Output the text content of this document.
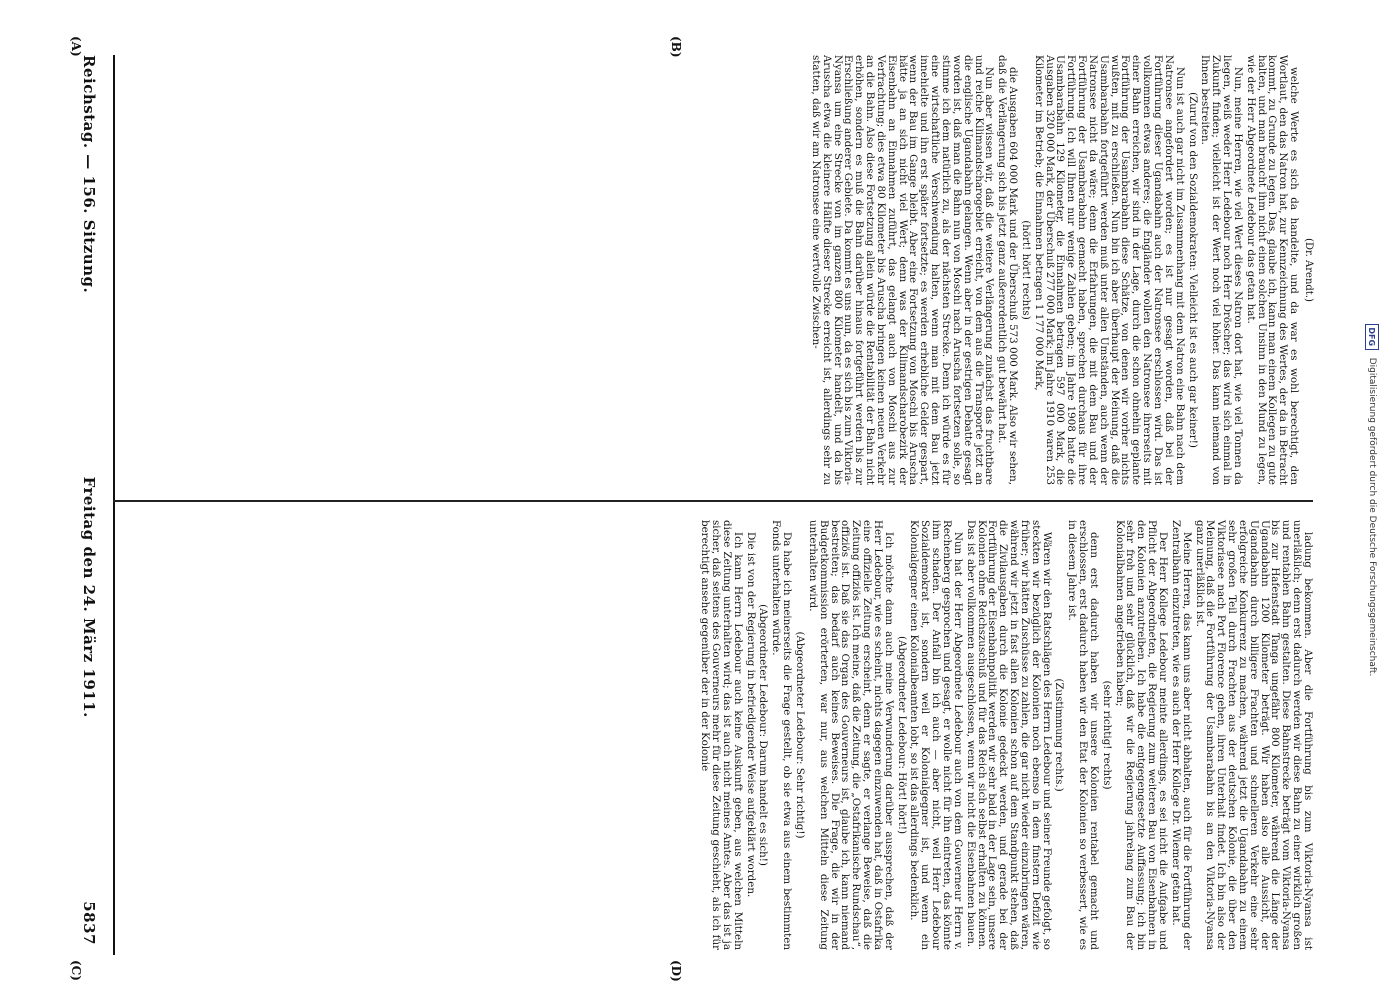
Reichstag. — 156. Sitzung.
Freitag den 24. März 1911.
5837
(Dr. Arendt.)

welche Werte es sich da handelte, und da war es wohl berechtigt, den Wortlaut, den das Natron hat, zur Kennzeichnung des Wertes, der da in Betracht kommt, zu Grunde zu legen. Das, glaube ich, kann man einem Kollegen zu gute halten, und man braucht ihm nicht einen solchen Unsinn in den Mund zu legen, wie der Herr Abgeordnete Ledebour das getan hat.

Nun, meine Herren, wie viel Wert dieses Natron dort hat, wie viel Tonnen da liegen, weiß weder Herr Ledebour noch Herr Dröscher; das wird sich einmal in Zukunft finden; vielleicht ist der Wert noch viel höher. Das kann niemand von Ihnen bestreiten.

(Zuruf von den Sozialdemokraten: Vielleicht ist es auch gar keiner!)

Nun ist auch gar nicht im Zusammenhang mit dem Natron eine Bahn nach dem Natronsee angefordert worden; es ist nur gesagt worden, daß bei der Fortführung dieser Ugandabahn auch der Natronsee erschlossen wird. Das ist vollkommen etwas anderes; die Engländer wollen den Natronsee ihrerseits mit einer Bahn erreichen, wir sind in der Lage, durch die schon ohnehin geplante Fortführung der Usambarabahn diese Schätze, von denen wir vorher nichts wußten, mit zu erschließen. Nun bin ich aber überhaupt der Meinung, daß die Usambarabahn fortgeführt werden muß unter allen Umständen, auch wenn der Natronsee nicht da wäre; denn die Erfahrungen, die mit dem Bau und der Fortführung der Usambarabahn gemacht haben, sprechen durchaus für ihre Fortführung. Ich will Ihnen nur wenige Zahlen geben; im Jahre 1908 hatte die Usambarabahn 129 Kilometer, die Einnahmen betragen 597 000 Mark, die Ausgaben 320 000 Mark, der Überschuß 277 000 Mark; im Jahre 1910 waren 253 Kilometer im Betrieb; die Einnahmen betragen 1 177 000 Mark,

(hört! hört! rechts)

die Ausgaben 604 000 Mark und der Überschuß 573 000 Mark. Also wir sehen, daß die Verlängerung sich bis jetzt ganz außerordentlich gut bewährt hat.

Nun aber wissen wir, daß die weitere Verlängerung zunächst das fruchtbare und reiche Kilimandscharogebiet erreicht, von dem aus die Transporte jetzt an die englische Ugandabahn gelangen. Wenn aber in der gestrigen Debatte gesagt worden ist, daß man die Bahn nun von Moschi nach Aruscha fortsetzen solle, so stimme ich dem natürlich zu, als der nächsten Strecke. Denn ich würde es für eine wirtschaftliche Verschwendung halten, wenn man mit dem Bau jetzt innehielte und ihn erst später fortsetzte; es werden erhebliche Gelder gespart, wenn der Bau im Gange bleibt. Aber eine Fortsetzung von Moschi bis Aruscha hätte ja an sich nicht viel Wert; denn was der Kilimandscharobezirk der Eisenbahn an Einnahmen zuführt, das gelangt auch von Moschi aus zur Verfrachtung; dies etwa 80 Kilometer bis Aruscha bringen keinen neuen Verkehr an die Bahn. Also diese Fortsetzung allein würde die Rentabilität der Bahn nicht erhöhen, sondern es muß die Bahn darüber hinaus fortgeführt werden bis zur Erschließung anderer Gebiete. Da kommt es uns nun, da es sich bis zum Viktoria-Nyansa um eine Strecke von im ganzen 800 Kilometer handelt, und da bis Aruscha etwa die kleinere Hälfte dieser Strecke erreicht ist, allerdings sehr zu statten, daß wir am Natronsee eine wertvolle Zwischen-

ladung bekommen. Aber die Fortführung bis zum Viktoria-Nyansa ist unerläßlich; denn erst dadurch werden wir diese Bahn zu einer wirklich großen und rentablen Bahn gestalten. Diese Bahnstrecke beträgt vom Viktoria-Nyansa bis zur Hafenstadt Tanga ungefähr 800 Kilometer, während die Länge der Ugandabahn 1200 Kilometer beträgt. Wir haben also alle Aussicht, der Ugandabahn durch billigere Frachten und schnelleren Verkehr eine sehr erfolgreiche Konkurrenz zu machen, während jetzt die Ugandabahn zu einem sehr großen Teil durch Frachten aus der deutschen Kolonie, die über den Viktoriasee nach Port Florence gehen, ihren Unterhalt findet. Ich bin also der Meinung, daß die Fortführung der Usambarabahn bis an den Viktoria-Nyansa ganz unerläßlich ist.

Meine Herren, das kann uns aber nicht abhalten, auch für die Fortführung der Zentralbahn einzutreten, wie es auch der Herr Kollege Dr. Wiemer getan hat.

Der Herr Kollege Ledebour meinte allerdings, es sei nicht die Aufgabe und Pflicht der Abgeordneten, die Regierung zum weiteren Bau von Eisenbahnen in den Kolonien anzutreiben. Ich habe die entgegengesetzte Auffassung; ich bin sehr froh und sehr glücklich, daß wir die Regierung jahrelang zum Bau der Kolonialbahnen angetrieben haben;

(sehr richtig! rechts)

denn erst dadurch haben wir unsere Kolonien rentabel gemacht und erschlossen, erst dadurch haben wir den Etat der Kolonien so verbessert, wie es in diesem Jahre ist.

(Zustimmung rechts.)

Wären wir den Ratschlägen des Herrn Ledebour und seiner Freunde gefolgt, so steckten wir bezüglich der Kolonien noch ebenso in dem finstern Defizit wie früher; wir hätten Zuschüsse zu zahlen, die gar nicht wieder einzubringen wären, während wir jetzt in fast allen Kolonien schon auf dem Standpunkt stehen, daß die Zivilausgaben durch die Kolonie gedeckt werden, und gerade bei der Fortführung der Eisenbahnpolitik werden wir sehr bald in der Lage sein, unsere Kolonien ohne Reichszuschuß und für das Reich sich selbst erhalten zu können. Das ist aber vollkommen ausgeschlossen, wenn wir nicht die Eisenbahnen bauen.

Nun hat der Herr Abgeordnete Ledebour auch von dem Gouverneur Herrn v. Rechenberg gesprochen und gesagt, er wolle nicht für ihn eintreten, das könnte ihm schaden. Der Anfall bin ich auch — aber nicht, weil Herr Ledebour Sozialdemokrat ist, sondern weil er Kolonialgegner ist, und wenn ein Kolonialgegner einen Kolonialbeamten lobt, so ist das allerdings bedenklich.

(Abgeordneter Ledebour: Hört! hört!)

Ich möchte dann auch meine Verwunderung darüber aussprechen, daß der Herr Ledebour, wie es scheint, nichts dagegen einzuwenden hat, daß in Ostafrika eine offizielle Zeitung erscheint, denn er sagte, er verlange Beweise, daß die Zeitung offiziös ist. Ich meine, daß die Zeitung, die „Ostafrikanische Rundschau“, offiziös ist. Daß sie das Organ des Gouverneurs ist, glaube ich, kann niemand bestreiten; das bedarf auch keines Beweises. Die Frage, die wir in der Budgetkommission erörterten, war nur, aus welchen Mitteln diese Zeitung unterhalten wird.

(Abgeordneter Ledebour: Sehr richtig!)

Da habe ich meinerseits die Frage gestellt, ob sie etwa aus einem bestimmten Fonds unterhalten würde.

(Abgeordneter Ledebour: Darum handelt es sich!)

Die ist von der Regierung in befriedigender Weise aufgeklärt worden.

Ich kann Herrn Ledebour auch keine Auskunft geben, aus welchen Mitteln diese Zeitung unterhalten wird; das ist auch nicht meines Amtes. Aber das ist ja sicher, daß seitens des Gouverneurs mehr für diese Zeitung geschieht, als ich für berechtigt ansehe gegenüber der in der Kolonie

(A)	(B)
(C)	(D)
DFG
Digitalisierung gefördert durch die Deutsche Forschungsgemeinschaft.
